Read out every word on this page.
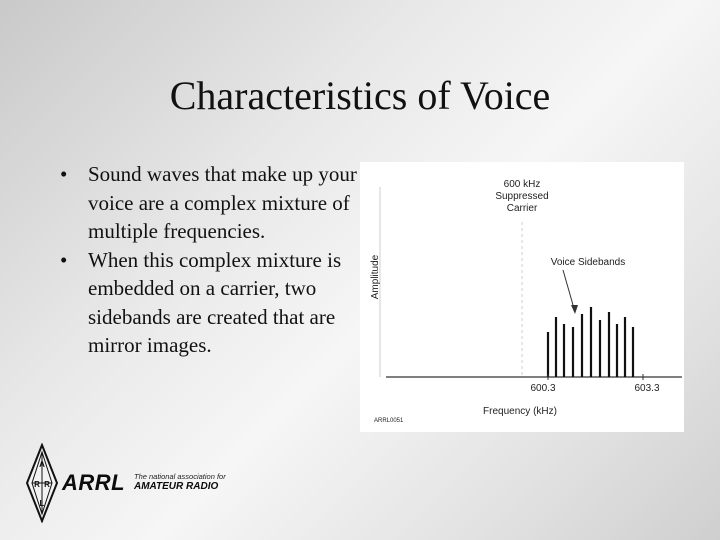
Characteristics of Voice
• Sound waves that make up your voice are a complex mixture of multiple frequencies.
• When this complex mixture is embedded on a carrier, two sidebands are created that are mirror images.
600 kHz
Suppressed
Carrier
Voice Sidebands
Amplitude
600.3	603.3
Frequency (kHz)
ARRL0051
A
R R
L
ARRL The national association for
AMATEUR RADIO
